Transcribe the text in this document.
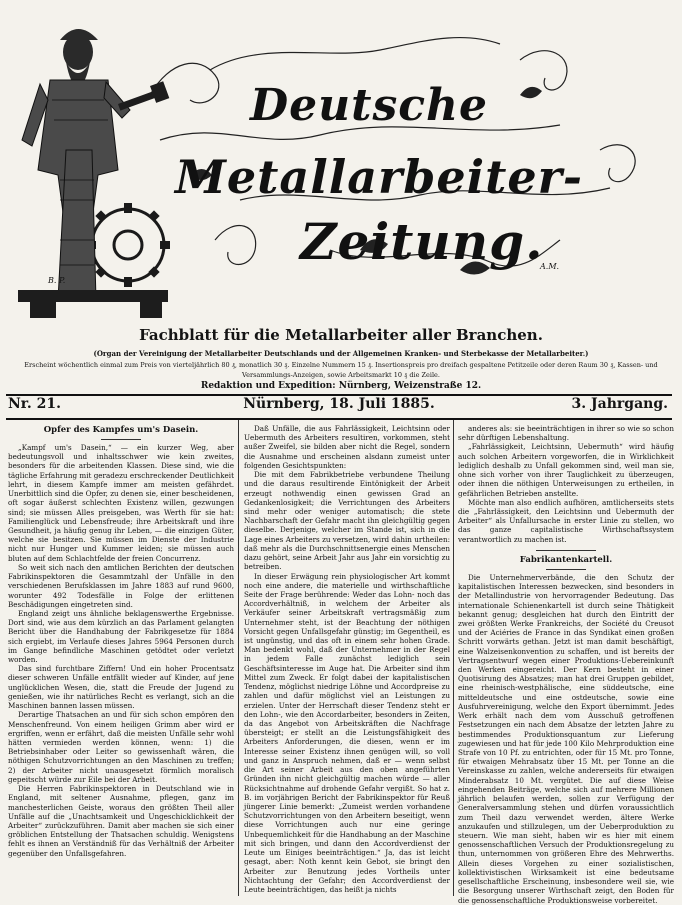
Deutsche
Metallarbeiter-
Zeitung.
B. P.
A.M.
Fachblatt für die Metallarbeiter aller Branchen.
(Organ der Vereinigung der Metallarbeiter Deutschlands und der Allgemeinen Kranken- und Sterbekasse der Metallarbeiter.)
Erscheint wöchentlich einmal zum Preis von vierteljährlich 80 ₰, monatlich 30 ₰. Einzelne Nummern 15 ₰. Insertionspreis pro dreifach gespaltene Petitzeile oder deren Raum 30 ₰, Kassen- und
Versammlungs-Anzeigen, sowie Arbeitsmarkt 10 ₰ die Zeile.
Redaktion und Expedition: Nürnberg, Weizenstraße 12.
Nr. 21.	Nürnberg, 18. Juli 1885.	3. Jahrgang.

Opfer des Kampfes um's Dasein.

„Kampf um's Dasein,“ — ein kurzer Weg, aber bedeutungsvoll und inhaltsschwer wie kein zweites, besonders für die arbeitenden Klassen. Diese sind, wie die tägliche Erfahrung mit geradezu erschreckender Deutlichkeit lehrt, in diesem Kampfe immer am meisten gefährdet. Unerbittlich sind die Opfer, zu denen sie, einer bescheidenen, oft sogar äußerst schlechten Existenz willen, gezwungen sind; sie müssen Alles preisgeben, was Werth für sie hat: Familienglück und Lebensfreude; ihre Arbeitskraft und ihre Gesundheit, ja häufig genug ihr Leben, — die einzigen Güter, welche sie besitzen. Sie müssen im Dienste der Industrie nicht nur Hunger und Kummer leiden; sie müssen auch bluten auf dem Schlachtfelde der freien Concurrenz.

So weit sich nach den amtlichen Berichten der deutschen Fabrikinspektoren die Gesammtzahl der Unfälle in den verschiedenen Berufsklassen im Jahre 1883 auf rund 9600, worunter 492 Todesfälle in Folge der erlittenen Beschädigungen eingetreten sind.

England zeigt uns ähnliche beklagenswerthe Ergebnisse. Dort sind, wie aus dem kürzlich an das Parlament gelangten Bericht über die Handhabung der Fabrikgesetze für 1884 sich ergiebt, im Verlaufe dieses Jahres 5964 Personen durch im Gange befindliche Maschinen getödtet oder verletzt worden.

Das sind furchtbare Ziffern! Und ein hoher Procentsatz dieser schweren Unfälle entfällt wieder auf Kinder, auf jene unglücklichen Wesen, die, statt die Freude der Jugend zu genießen, wie ihr natürliches Recht es verlangt, sich an die Maschinen bannen lassen müssen.

Derartige Thatsachen an und für sich schon empören den Menschenfreund. Von einem heiligen Grimm aber wird er ergriffen, wenn er erfährt, daß die meisten Unfälle sehr wohl hätten vermieden werden können, wenn: 1) die Betriebsinhaber oder Leiter so gewissenhaft wären, die nöthigen Schutzvorrichtungen an den Maschinen zu treffen; 2) der Arbeiter nicht unausgesetzt förmlich moralisch gepeitscht würde zur Eile bei der Arbeit.

Die Herren Fabrikinspektoren in Deutschland wie in England, mit seltener Ausnahme, pflegen, ganz im manchesterlichen Geiste, woraus den größten Theil aller Unfälle auf die „Unachtsamkeit und Ungeschicklichkeit der Arbeiter“ zurückzuführen. Damit aber machen sie sich einer gröblichen Entstellung der Thatsachen schuldig. Wenigstens fehlt es ihnen an Verständniß für das Verhältniß der Arbeiter gegenüber den Unfallsgefahren.

Daß Unfälle, die aus Fahrlässigkeit, Leichtsinn oder Uebermuth des Arbeiters resultiren, vorkommen, steht außer Zweifel, sie bilden aber nicht die Regel, sondern die Ausnahme und erscheinen alsdann zumeist unter folgenden Gesichtspunkten:

Die mit dem Fabrikbetriebe verbundene Theilung und die daraus resultirende Eintönigkeit der Arbeit erzeugt nothwendig einen gewissen Grad an Gedankenlosigkeit; die Verrichtungen des Arbeiters sind mehr oder weniger automatisch; die stete Nachbarschaft der Gefahr macht ihn gleichgültig gegen dieselbe. Derjenige, welcher im Stande ist, sich in die Lage eines Arbeiters zu versetzen, wird dahin urtheilen: daß mehr als die Durchschnittsenergie eines Menschen dazu gehört, seine Arbeit Jahr aus Jahr ein vorsichtig zu betreiben.

In dieser Erwägung rein physiologischer Art kommt noch eine andere, die materielle und wirthschaftliche Seite der Frage berührende: Weder das Lohn- noch das Accordverhältniß, in welchem der Arbeiter als Verkäufer seiner Arbeitskraft vertragsmäßig zum Unternehmer steht, ist der Beachtung der nöthigen Vorsicht gegen Unfallsgefahr günstig; im Gegentheil, es ist ungünstig, und das oft in einem sehr hohen Grade. Man bedenkt wohl, daß der Unternehmer in der Regel in jedem Falle zunächst lediglich sein Geschäftsinteresse im Auge hat. Die Arbeiter sind ihm Mittel zum Zweck. Er folgt dabei der kapitalistischen Tendenz, möglichst niedrige Löhne und Accordpreise zu zahlen und dafür möglichst viel an Leistungen zu erzielen. Unter der Herrschaft dieser Tendenz steht er den Lohn-, wie den Accordarbeiter, besonders in Zeiten, da das Angebot von Arbeitskräften die Nachfrage übersteigt; er stellt an die Leistungsfähigkeit des Arbeiters Anforderungen, die diesen, wenn er im Interesse seiner Existenz ihnen genügen will, so voll und ganz in Anspruch nehmen, daß er — wenn selbst die Art seiner Arbeit aus den oben angeführten Gründen ihn nicht gleichgültig machen würde — aller Rücksichtnahme auf drohende Gefahr vergißt. So hat z. B. im vorjährigen Bericht der Fabrikinspektor für Reuß jüngerer Linie bemerkt: „Zumeist werden vorhandene Schutzvorrichtungen von den Arbeitern beseitigt, wenn diese Vorrichtungen auch nur eine geringe Unbequemlichkeit für die Handhabung an der Maschine mit sich bringen, und dann den Accordverdienst der Leute um Einiges beeinträchtigen.“ Ja, das ist leicht gesagt, aber: Noth kennt kein Gebot, sie bringt den Arbeiter zur Benutzung jedes Vortheils unter Nichtachtung der Gefahr; den Accordverdienst der Leute beeinträchtigen, das heißt ja nichts

anderes als: sie beeinträchtigen in ihrer so wie so schon sehr dürftigen Lebenshaltung.

„Fahrlässigkeit, Leichtsinn, Uebermuth“ wird häufig auch solchen Arbeitern vorgeworfen, die in Wirklichkeit lediglich deshalb zu Unfall gekommen sind, weil man sie, ohne sich vorher von ihrer Tauglichkeit zu überzeugen, oder ihnen die nöthigen Unterweisungen zu ertheilen, in gefährlichen Betrieben anstellte.

Möchte man also endlich aufhören, amtlicherseits stets die „Fahrlässigkeit, den Leichtsinn und Uebermuth der Arbeiter“ als Unfallursache in erster Linie zu stellen, wo das ganze capitalistische Wirthschaftssystem verantwortlich zu machen ist.

Fabrikantenkartell.

Die Unternehmerverbände, die den Schutz der kapitalistischen Interessen bezwecken, sind besonders in der Metallindustrie von hervorragender Bedeutung. Das internationale Schienenkartell ist durch seine Thätigkeit bekannt genug; desgleichen hat durch den Eintritt der zwei größten Werke Frankreichs, der Société du Creusot und der Aciéries de France in das Syndikat einen großen Schritt vorwärts gethan. Jetzt ist man damit beschäftigt, eine Walzeisenkonvention zu schaffen, und ist bereits der Vertragsentwurf wegen einer Produktions-Uebereinkunft den Werken eingereicht. Der Kern besteht in einer Quotisirung des Absatzes; man hat drei Gruppen gebildet, eine rheinisch-westphälische, eine süddeutsche, eine mitteldeutsche und eine ostdeutsche, sowie eine Ausfuhrvereinigung, welche den Export übernimmt. Jedes Werk erhält nach dem vom Ausschuß getroffenen Festsetzungen ein nach dem Absatze der letzten Jahre zu bestimmendes Produktionsquantum zur Lieferung zugewiesen und hat für jede 100 Kilo Mehrproduktion eine Strafe von 10 Pf. zu entrichten, oder für 15 Mt. pro Tonne, für etwaigen Mehrabsatz über 15 Mt. per Tonne an die Vereinskasse zu zahlen, welche andererseits für etwaigen Minderabsatz 10 Mt. vergütet. Die auf diese Weise eingehenden Beiträge, welche sich auf mehrere Millionen jährlich belaufen werden, sollen zur Verfügung der Generalversammlung stehen und dürfen voraussichtlich zum Theil dazu verwendet werden, ältere Werke anzukaufen und stillzulegen, um der Ueberproduktion zu steuern. Wie man sieht, haben wir es hier mit einem genossenschaftlichen Versuch der Produktionsregelung zu thun, unternommen von größeren Ehre des Mehrwerths. Allein dieses Vorgehen zu einer sozialistischen, kollektivistischen Wirksamkeit ist eine bedeutsame gesellschaftliche Erscheinung, insbesondere weil sie, wie die Besorgung unserer Wirthschaft zeigt, den Boden für die genossenschaftliche Produktionsweise vorbereitet.
